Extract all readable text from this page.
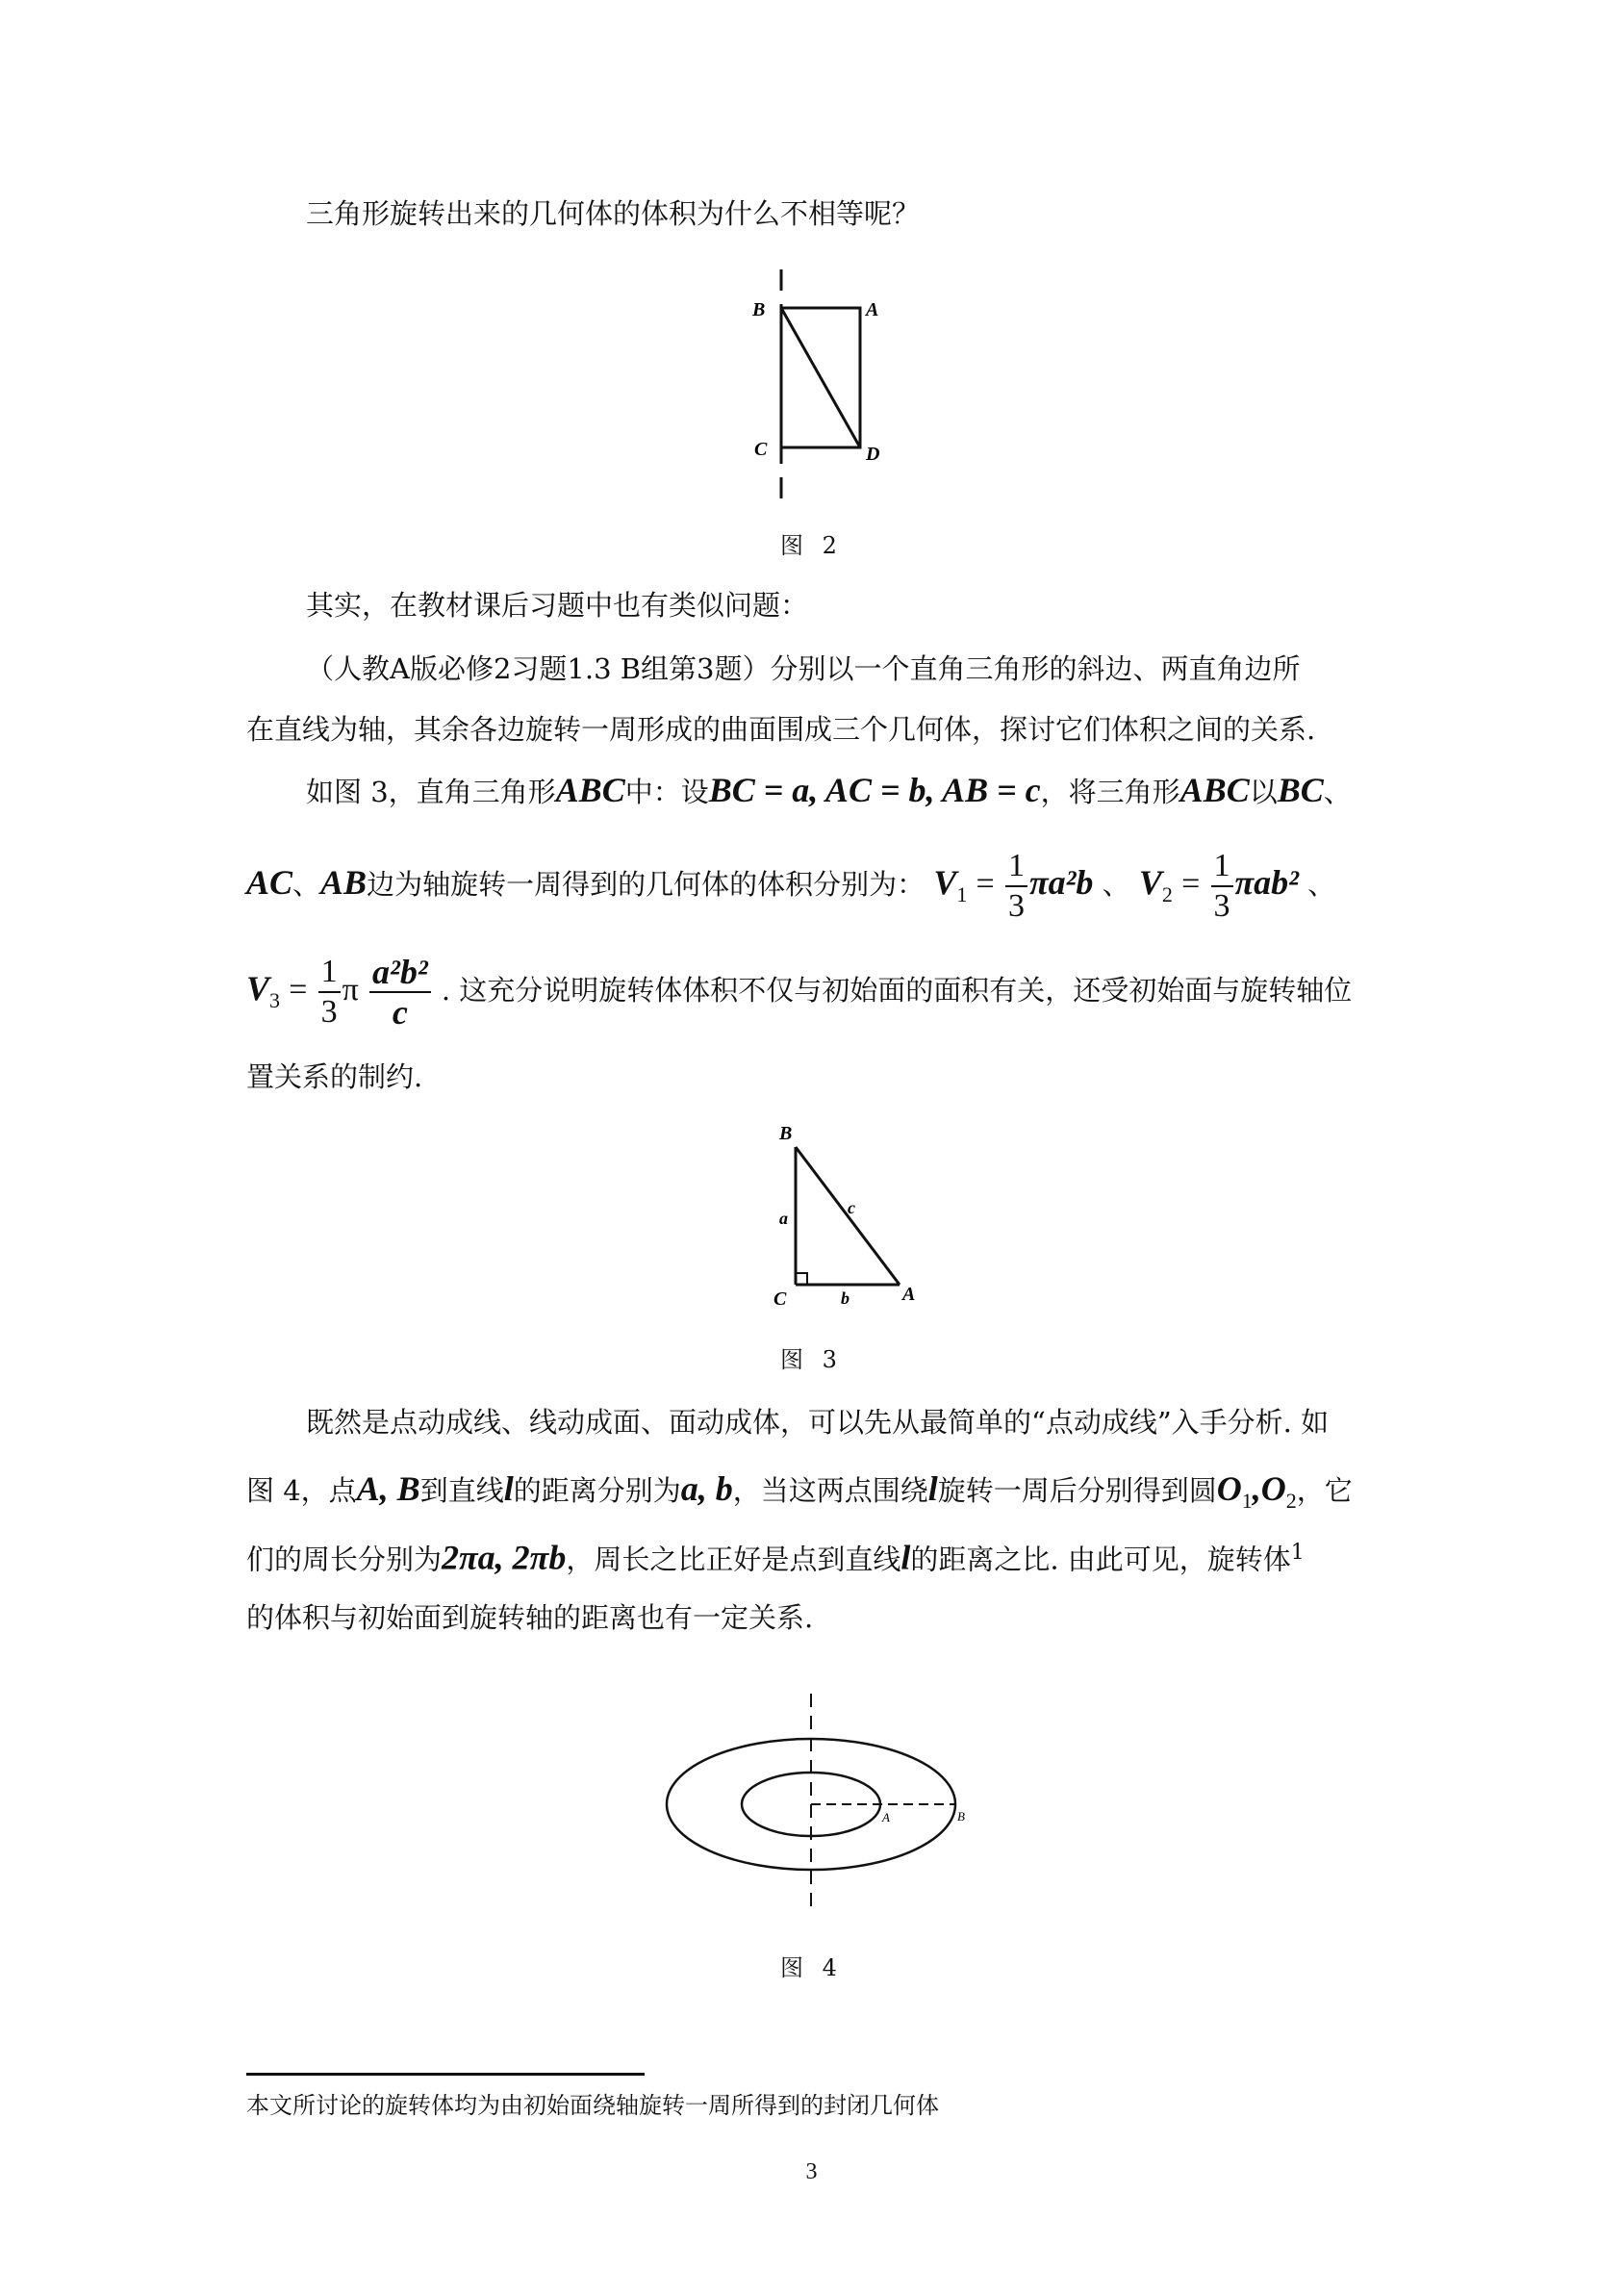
三角形旋转出来的几何体的体积为什么不相等呢？
B	A
C	D
图 2
其实，在教材课后习题中也有类似问题：
（人教A版必修2习题1.3 B组第3题）分别以一个直角三角形的斜边、两直角边所
在直线为轴，其余各边旋转一周形成的曲面围成三个几何体，探讨它们体积之间的关系.
如图 3，直角三角形ABC中：设BC = a, AC = b, AB = c，将三角形ABC以BC、
AC、AB边为轴旋转一周得到的几何体的体积分别为： $V_1 = \frac{1}{3} \pi a^2b$ 、 $V_2 = \frac{1}{3} \pi ab^2$ 、
$V_3 = \frac{1}{3}$ π $\frac{\text{a²b²}}{c}$ . 这充分说明旋转体体积不仅与初始面的面积有关，还受初始面与旋转轴位
置关系的制约.
B
C	A
a
b
c
图 3
既然是点动成线、线动成面、面动成体，可以先从最简单的“点动成线”入手分析. 如
图 4，点A, B到直线l的距离分别为a, b，当这两点围绕l旋转一周后分别得到圆$O_1,O_2$，它
们的周长分别为2πa, 2πb，周长之比正好是点到直线l的距离之比. 由此可见，旋转体$^1$
的体积与初始面到旋转轴的距离也有一定关系.
A	B
图 4
本文所讨论的旋转体均为由初始面绕轴旋转一周所得到的封闭几何体
3
